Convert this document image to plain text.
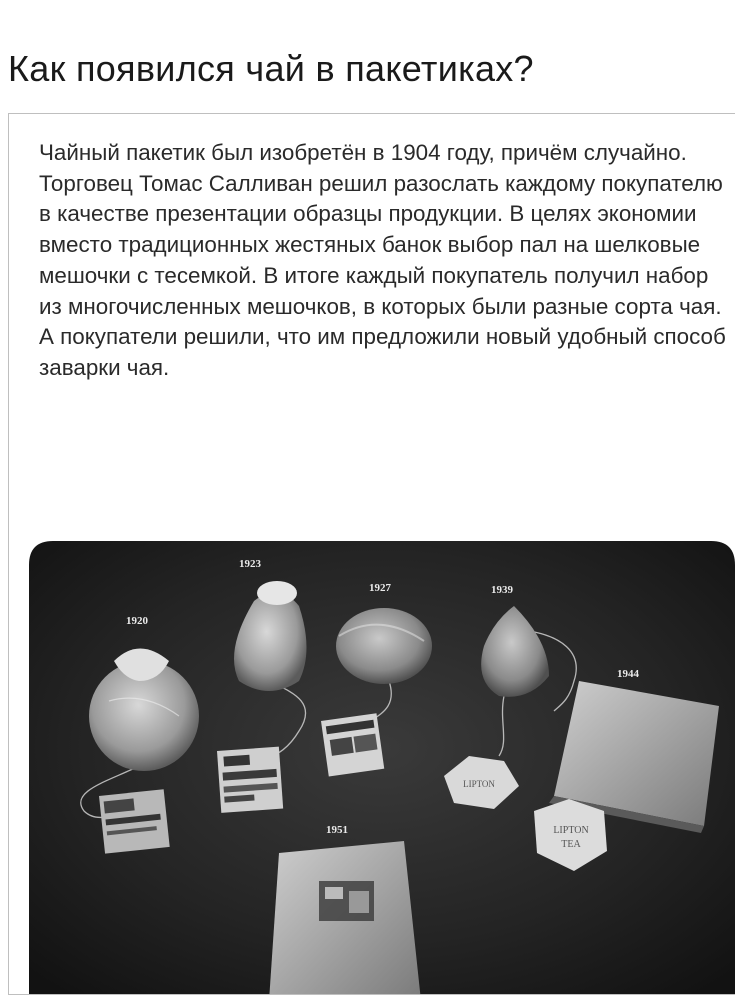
Как появился чай в пакетиках?

Чайный пакетик был изобретён в 1904 году, причём случайно. Торговец Томас Салливан решил разослать каждому покупателю в качестве презентации образцы продукции. В целях экономии вместо традиционных жестяных банок выбор пал на шелковые мешочки с тесемкой. В итоге каждый покупатель получил набор из многочисленных мешочков, в которых были разные сорта чая.

А покупатели решили, что им предложили новый удобный способ заварки чая.

LIPTON
LIPTON
TEA
1920
1923
1927	1939
1944
1951
